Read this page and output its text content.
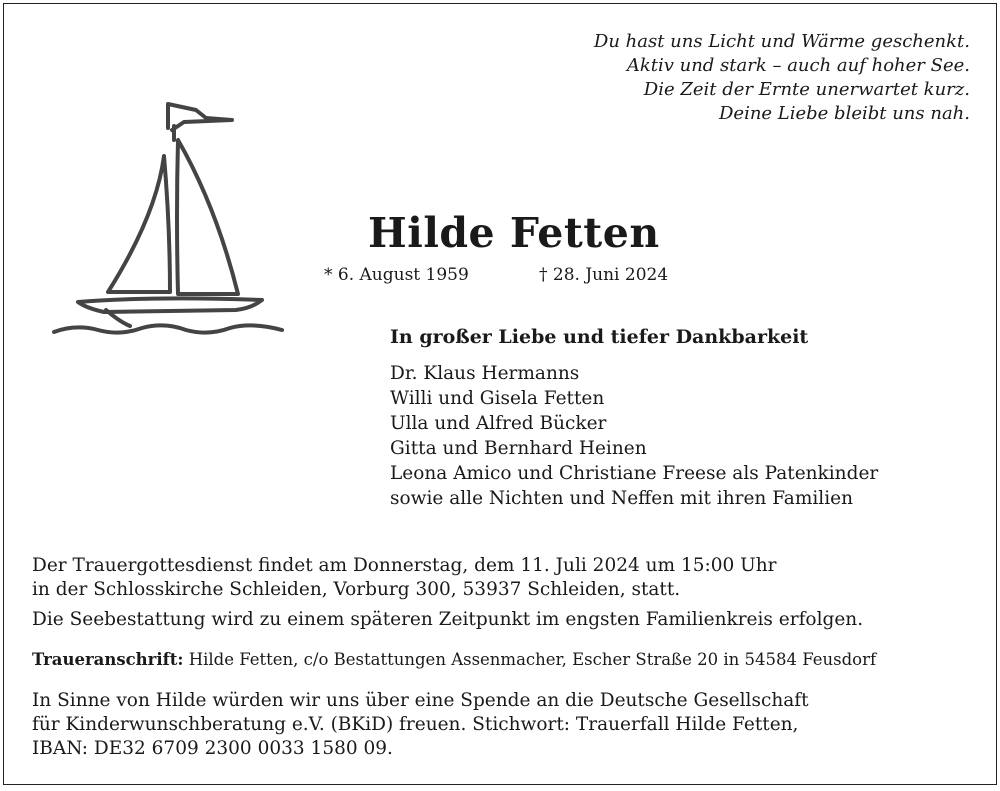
Du hast uns Licht und Wärme geschenkt.
Aktiv und stark – auch auf hoher See.
Die Zeit der Ernte unerwartet kurz.
Deine Liebe bleibt uns nah.
Hilde Fetten
* 6. August 1959	† 28. Juni 2024
In großer Liebe und tiefer Dankbarkeit
Dr. Klaus Hermanns
Willi und Gisela Fetten
Ulla und Alfred Bücker
Gitta und Bernhard Heinen
Leona Amico und Christiane Freese als Patenkinder
sowie alle Nichten und Neffen mit ihren Familien
Der Trauergottesdienst findet am Donnerstag, dem 11. Juli 2024 um 15:00 Uhr
in der Schlosskirche Schleiden, Vorburg 300, 53937 Schleiden, statt.
Die Seebestattung wird zu einem späteren Zeitpunkt im engsten Familienkreis erfolgen.
Traueranschrift: Hilde Fetten, c/o Bestattungen Assenmacher, Escher Straße 20 in 54584 Feusdorf
In Sinne von Hilde würden wir uns über eine Spende an die Deutsche Gesellschaft
für Kinderwunschberatung e.V. (BKiD) freuen. Stichwort: Trauerfall Hilde Fetten,
IBAN: DE32 6709 2300 0033 1580 09.
